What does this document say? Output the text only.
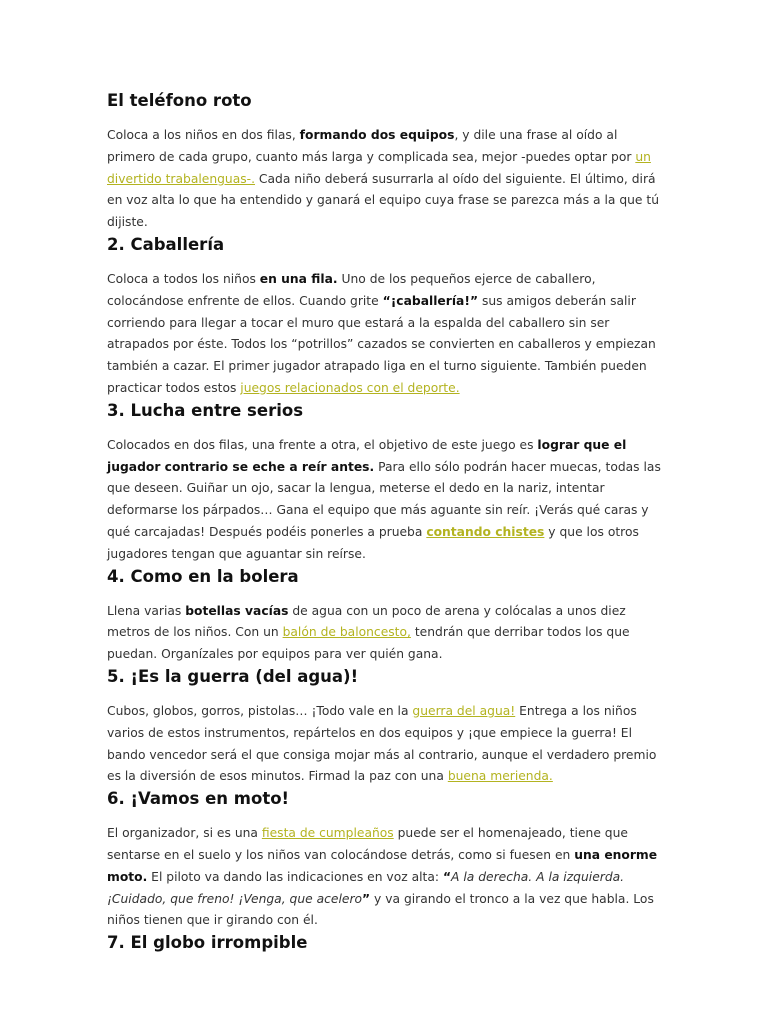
El teléfono roto

Coloca a los niños en dos filas, formando dos equipos, y dile una frase al oído al primero de cada grupo, cuanto más larga y complicada sea, mejor -puedes optar por un divertido trabalenguas-. Cada niño deberá susurrarla al oído del siguiente. El último, dirá en voz alta lo que ha entendido y ganará el equipo cuya frase se parezca más a la que tú dijiste.

2. Caballería

Coloca a todos los niños en una fila. Uno de los pequeños ejerce de caballero, colocándose enfrente de ellos. Cuando grite “¡caballería!” sus amigos deberán salir corriendo para llegar a tocar el muro que estará a la espalda del caballero sin ser atrapados por éste. Todos los “potrillos” cazados se convierten en caballeros y empiezan también a cazar. El primer jugador atrapado liga en el turno siguiente. También pueden practicar todos estos juegos relacionados con el deporte.

3. Lucha entre serios

Colocados en dos filas, una frente a otra, el objetivo de este juego es lograr que el jugador contrario se eche a reír antes. Para ello sólo podrán hacer muecas, todas las que deseen. Guiñar un ojo, sacar la lengua, meterse el dedo en la nariz, intentar deformarse los párpados… Gana el equipo que más aguante sin reír. ¡Verás qué caras y qué carcajadas! Después podéis ponerles a prueba contando chistes y que los otros jugadores tengan que aguantar sin reírse.

4. Como en la bolera

Llena varias botellas vacías de agua con un poco de arena y colócalas a unos diez metros de los niños. Con un balón de baloncesto, tendrán que derribar todos los que puedan. Organízales por equipos para ver quién gana.

5. ¡Es la guerra (del agua)!

Cubos, globos, gorros, pistolas… ¡Todo vale en la guerra del agua! Entrega a los niños varios de estos instrumentos, repártelos en dos equipos y ¡que empiece la guerra! El bando vencedor será el que consiga mojar más al contrario, aunque el verdadero premio es la diversión de esos minutos. Firmad la paz con una buena merienda.

6. ¡Vamos en moto!

El organizador, si es una fiesta de cumpleaños puede ser el homenajeado, tiene que sentarse en el suelo y los niños van colocándose detrás, como si fuesen en una enorme moto. El piloto va dando las indicaciones en voz alta: “A la derecha. A la izquierda. ¡Cuidado, que freno! ¡Venga, que acelero” y va girando el tronco a la vez que habla. Los niños tienen que ir girando con él.

7. El globo irrompible
